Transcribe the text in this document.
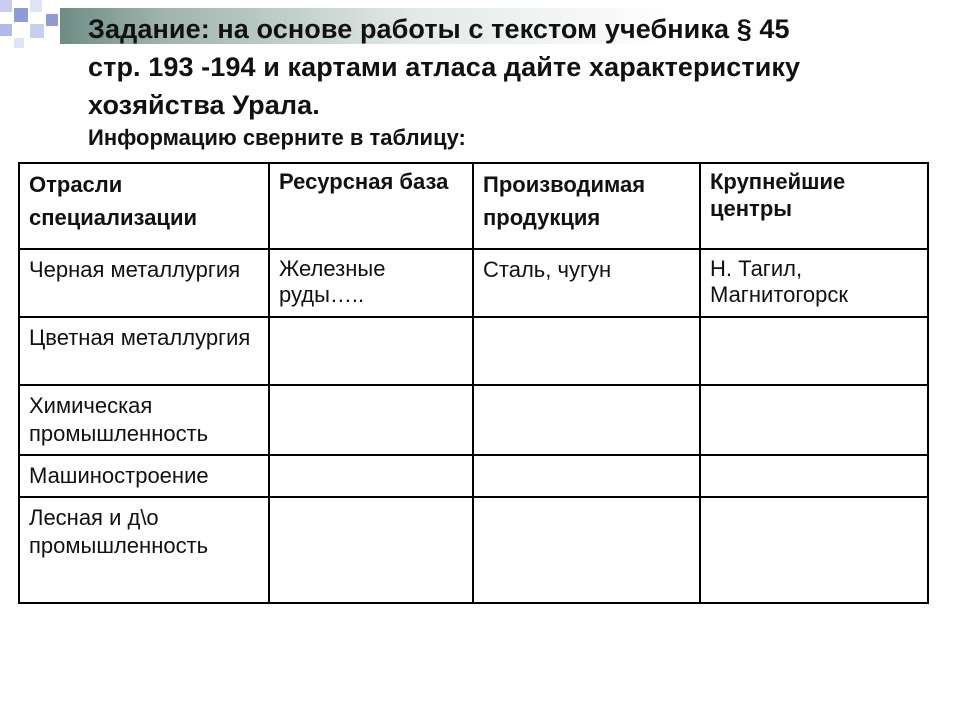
Задание: на основе работы с текстом учебника § 45
стр. 193 -194 и картами атласа дайте характеристику
хозяйства Урала.
Информацию сверните в таблицу:
Отрасли специализации	Ресурсная база	Производимая продукция	Крупнейшие центры

Черная металлургия	Железные руды…..	Сталь, чугун	Н. Тагил, Магнитогорск

Цветная металлургия			

Химическая промышленность			

Машиностроение			

Лесная и д\о промышленность			
